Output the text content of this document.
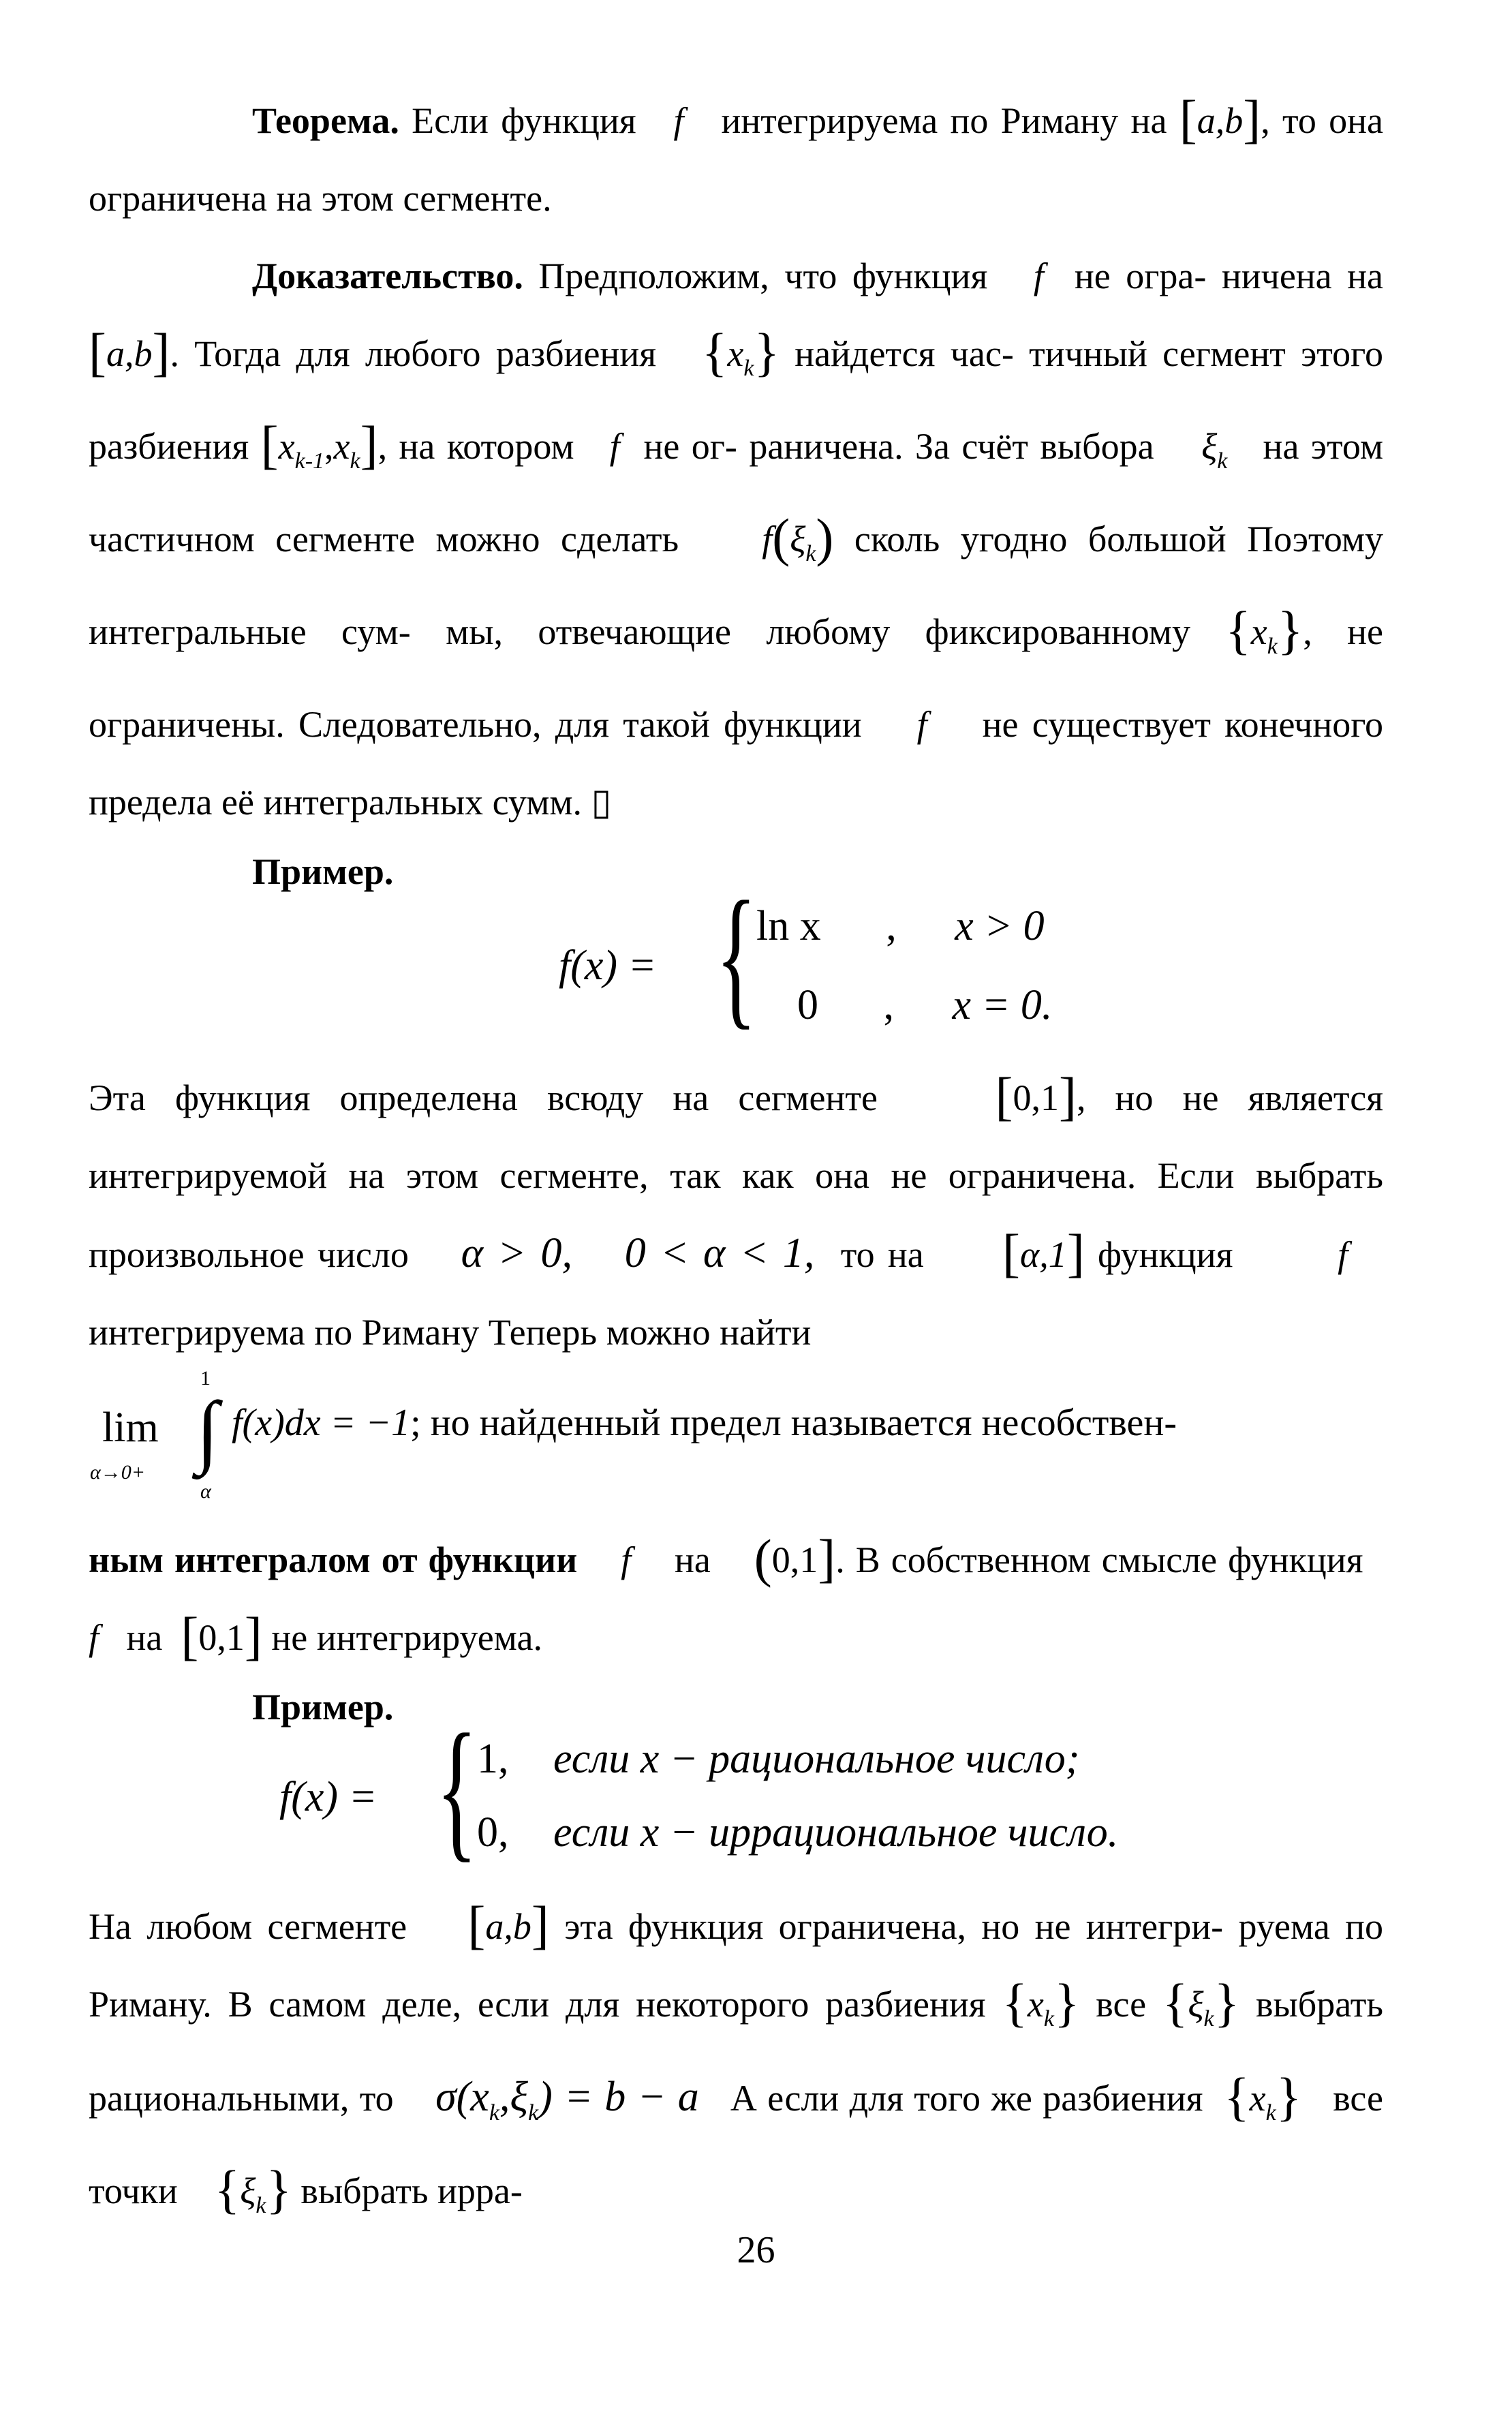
Теорема. Если функция f интегрируема по Риману на [a,b], то она ограничена на этом сегменте.

Доказательство. Предположим, что функция f не огра- ничена на [a,b]. Тогда для любого разбиения $\{x_k\}$ найдется час- тичный сегмент этого разбиения $[x_{k-1},x_k]$, на котором f не ог- раничена. За счёт выбора $\xi_k$ на этом частичном сегменте можно сделать $f(\xi_k)$ сколь угодно большой Поэтому интегральные сум- мы, отвечающие любому фиксированному $\{x_k\}$, не ограничены. Следовательно, для такой функции f не существует конечного предела её интегральных сумм. ▯

Пример.

f(x) = { ln x , x > 0
0 , x = 0.

Эта функция определена всюду на сегменте [0,1], но не является интегрируемой на этом сегменте, так как она не ограничена. Если выбрать произвольное число α > 0, 0 < α < 1, то на [α,1] функция	f    интегрируема по Риману Теперь можно найти

lim
α→0+ ∫
1
α
f(x)dx = −1; но найденный предел называется несобствен-

ным интегралом от функции f на (0,1]. В собственном смысле функция   f на [0,1] не интегрируема.

Пример.

f(x) = { 1, если x − рациональное число;
0, если x − иррациональное число.

На любом сегменте [a,b] эта функция ограничена, но не интегри- руема по Риману. В самом деле, если для некоторого разбиения $\{x_k\}$ все $\{\xi_k\}$ выбрать рациональными, то $\sigma(x_k,\xi_k) = b - a$ А если для того же разбиения $\{x_k\}$ все точки $\{\xi_k\}$ выбрать ирра-

26
